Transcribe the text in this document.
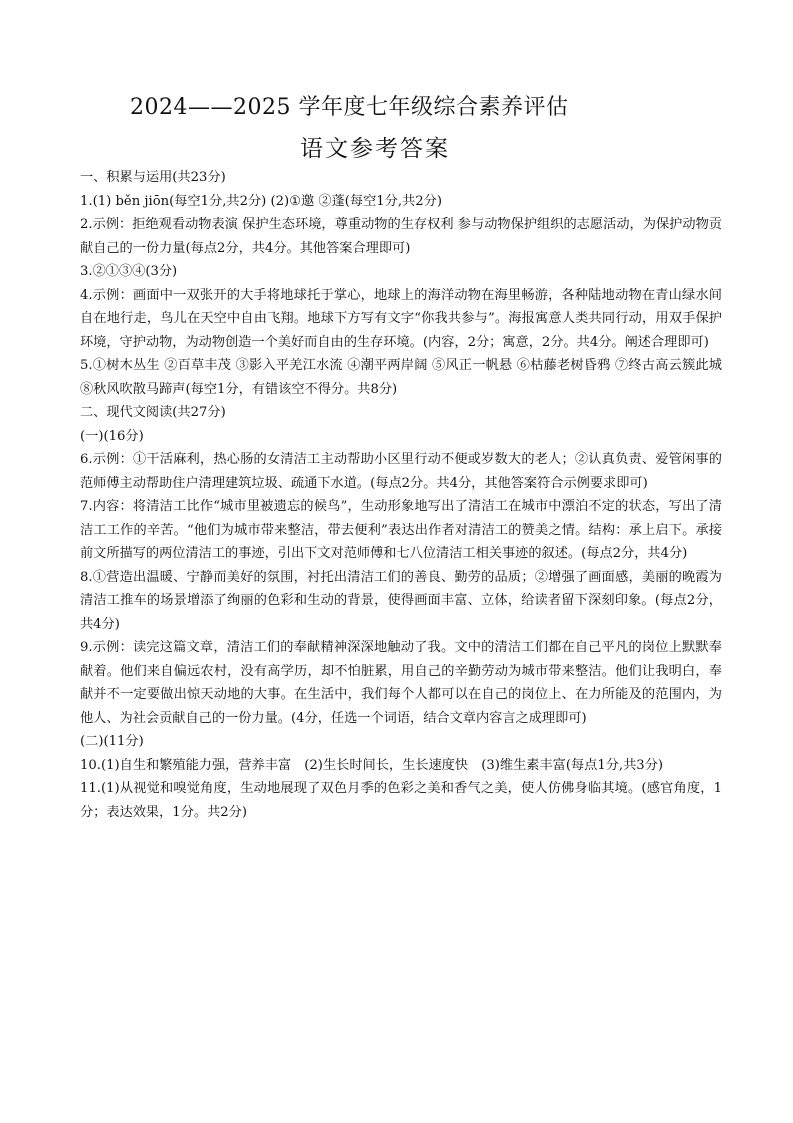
2024——2025 学年度七年级综合素养评估
语文参考答案

一、积累与运用(共23分)

1.(1) běn jiōn(每空1分,共2分) (2)①邀 ②蓬(每空1分,共2分)

2.示例：拒绝观看动物表演 保护生态环境，尊重动物的生存权利 参与动物保护组织的志愿活动，为保护动物贡献自己的一份力量(每点2分，共4分。其他答案合理即可)

3.②①③④(3分)

4.示例：画面中一双张开的大手将地球托于掌心，地球上的海洋动物在海里畅游，各种陆地动物在青山绿水间自在地行走，鸟儿在天空中自由飞翔。地球下方写有文字“你我共参与”。海报寓意人类共同行动，用双手保护环境，守护动物，为动物创造一个美好而自由的生存环境。(内容，2分；寓意，2分。共4分。阐述合理即可)

5.①树木丛生 ②百草丰茂 ③影入平羌江水流 ④潮平两岸阔 ⑤风正一帆悬 ⑥枯藤老树昏鸦 ⑦终古高云簇此城 ⑧秋风吹散马蹄声(每空1分，有错该空不得分。共8分)

二、现代文阅读(共27分)

(一)(16分)

6.示例：①干活麻利，热心肠的女清洁工主动帮助小区里行动不便或岁数大的老人；②认真负责、爱管闲事的范师傅主动帮助住户清理建筑垃圾、疏通下水道。(每点2分。共4分，其他答案符合示例要求即可)

7.内容：将清洁工比作“城市里被遗忘的候鸟”，生动形象地写出了清洁工在城市中漂泊不定的状态，写出了清洁工工作的辛苦。“他们为城市带来整洁，带去便利”表达出作者对清洁工的赞美之情。结构：承上启下。承接前文所描写的两位清洁工的事迹，引出下文对范师傅和七八位清洁工相关事迹的叙述。(每点2分，共4分)

8.①营造出温暖、宁静而美好的氛围，衬托出清洁工们的善良、勤劳的品质；②增强了画面感，美丽的晚霞为清洁工推车的场景增添了绚丽的色彩和生动的背景，使得画面丰富、立体，给读者留下深刻印象。(每点2分，共4分)

9.示例：读完这篇文章，清洁工们的奉献精神深深地触动了我。文中的清洁工们都在自己平凡的岗位上默默奉献着。他们来自偏远农村，没有高学历，却不怕脏累，用自己的辛勤劳动为城市带来整洁。他们让我明白，奉献并不一定要做出惊天动地的大事。在生活中，我们每个人都可以在自己的岗位上、在力所能及的范围内，为他人、为社会贡献自己的一份力量。(4分，任选一个词语，结合文章内容言之成理即可)

(二)(11分)

10.(1)自生和繁殖能力强，营养丰富　(2)生长时间长，生长速度快　(3)维生素丰富(每点1分,共3分)

11.(1)从视觉和嗅觉角度，生动地展现了双色月季的色彩之美和香气之美，使人仿佛身临其境。(感官角度，1分；表达效果，1分。共2分)
